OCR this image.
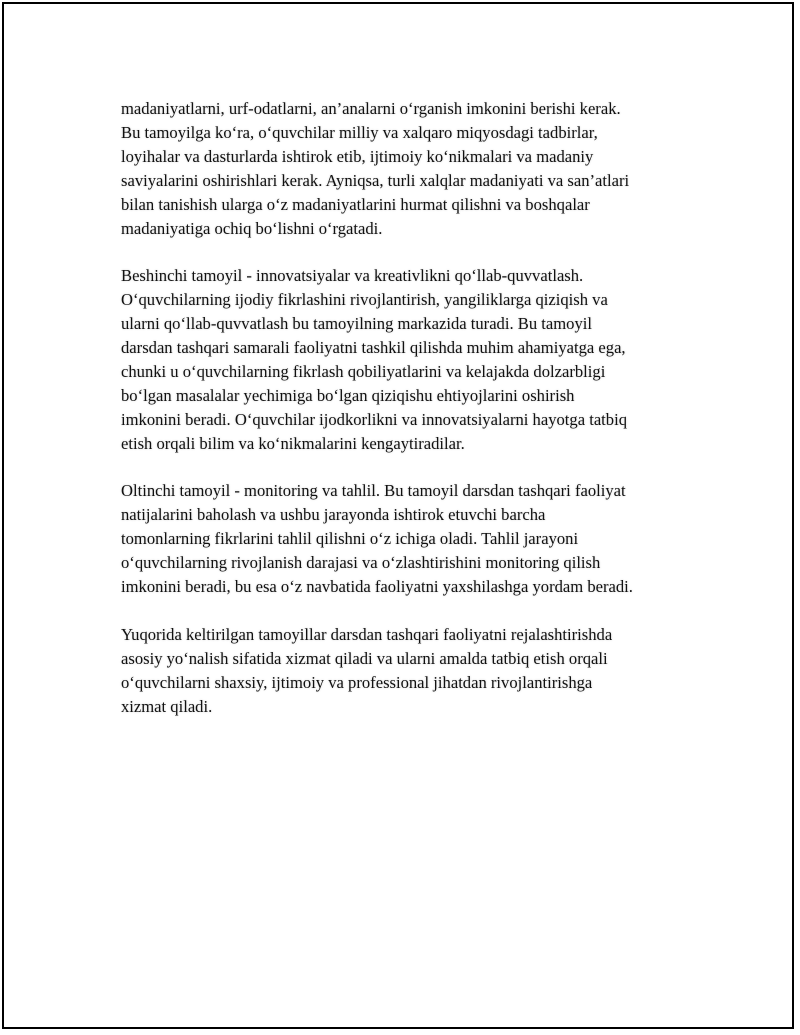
madaniyatlarni, urf-odatlarni, an’analarni o‘rganish imkonini berishi kerak.
Bu tamoyilga ko‘ra, o‘quvchilar milliy va xalqaro miqyosdagi tadbirlar,
loyihalar va dasturlarda ishtirok etib, ijtimoiy ko‘nikmalari va madaniy
saviyalarini oshirishlari kerak. Ayniqsa, turli xalqlar madaniyati va san’atlari
bilan tanishish ularga o‘z madaniyatlarini hurmat qilishni va boshqalar
madaniyatiga ochiq bo‘lishni o‘rgatadi.

Beshinchi tamoyil - innovatsiyalar va kreativlikni qo‘llab-quvvatlash.
O‘quvchilarning ijodiy fikrlashini rivojlantirish, yangiliklarga qiziqish va
ularni qo‘llab-quvvatlash bu tamoyilning markazida turadi. Bu tamoyil
darsdan tashqari samarali faoliyatni tashkil qilishda muhim ahamiyatga ega,
chunki u o‘quvchilarning fikrlash qobiliyatlarini va kelajakda dolzarbligi
bo‘lgan masalalar yechimiga bo‘lgan qiziqishu ehtiyojlarini oshirish
imkonini beradi. O‘quvchilar ijodkorlikni va innovatsiyalarni hayotga tatbiq
etish orqali bilim va ko‘nikmalarini kengaytiradilar.

Oltinchi tamoyil - monitoring va tahlil. Bu tamoyil darsdan tashqari faoliyat
natijalarini baholash va ushbu jarayonda ishtirok etuvchi barcha
tomonlarning fikrlarini tahlil qilishni o‘z ichiga oladi. Tahlil jarayoni
o‘quvchilarning rivojlanish darajasi va o‘zlashtirishini monitoring qilish
imkonini beradi, bu esa o‘z navbatida faoliyatni yaxshilashga yordam beradi.

Yuqorida keltirilgan tamoyillar darsdan tashqari faoliyatni rejalashtirishda
asosiy yo‘nalish sifatida xizmat qiladi va ularni amalda tatbiq etish orqali
o‘quvchilarni shaxsiy, ijtimoiy va professional jihatdan rivojlantirishga
xizmat qiladi.
